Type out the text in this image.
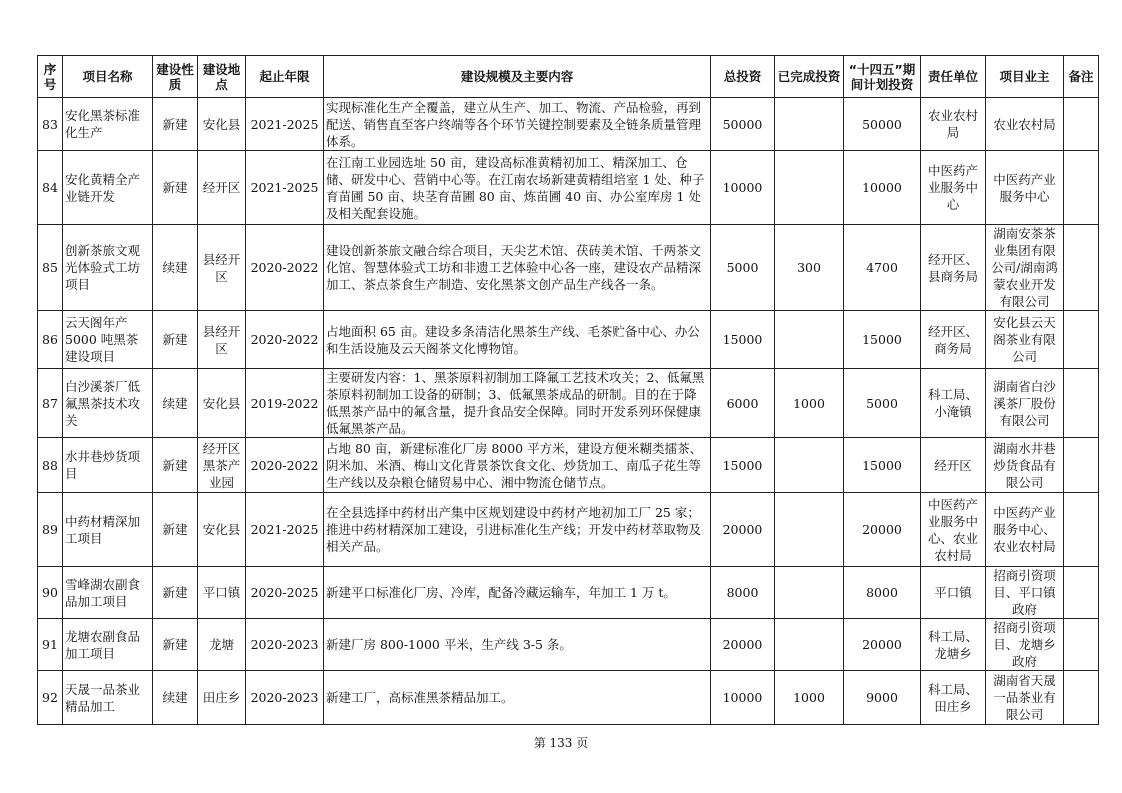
序号	项目名称	建设性质	建设地点	起止年限	建设规模及主要内容	总投资	已完成投资	“十四五”期间计划投资	责任单位	项目业主	备注
83	安化黑茶标准化生产	新建	安化县	2021-2025	实现标准化生产全覆盖，建立从生产、加工、物流、产品检验，再到配送、销售直至客户终端等各个环节关键控制要素及全链条质量管理体系。	50000		50000	农业农村局	农业农村局	
84	安化黄精全产业链开发	新建	经开区	2021-2025	在江南工业园选址 50 亩，建设高标准黄精初加工、精深加工、仓储、研发中心、营销中心等。在江南农场新建黄精组培室 1 处、种子育苗圃 50 亩、块茎育苗圃 80 亩、炼苗圃 40 亩、办公室库房 1 处及相关配套设施。	10000		10000	中医药产业服务中心	中医药产业服务中心	
85	创新茶旅文观光体验式工坊项目	续建	县经开区	2020-2022	建设创新茶旅文融合综合项目，天尖艺术馆、茯砖美术馆、千两茶文化馆、智慧体验式工坊和非遗工艺体验中心各一座，建设农产品精深加工、茶点茶食生产制造、安化黑茶文创产品生产线各一条。	5000	300	4700	经开区、县商务局	湖南安茶茶业集团有限公司/湖南鸿蒙农业开发有限公司	
86	云天阁年产5000 吨黑茶建设项目	新建	县经开区	2020-2022	占地面积 65 亩。建设多条清洁化黑茶生产线、毛茶贮备中心、办公和生活设施及云天阁茶文化博物馆。	15000		15000	经开区、商务局	安化县云天阁茶业有限公司	
87	白沙溪茶厂低氟黑茶技术攻关	续建	安化县	2019-2022	主要研发内容：1、黑茶原料初制加工降氟工艺技术攻关；2、低氟黑茶原料初制加工设备的研制；3、低氟黑茶成品的研制。目的在于降低黑茶产品中的氟含量，提升食品安全保障。同时开发系列环保健康低氟黑茶产品。	6000	1000	5000	科工局、小淹镇	湖南省白沙溪茶厂股份有限公司	
88	水井巷炒货项目	新建	经开区黑茶产业园	2020-2022	占地 80 亩，新建标准化厂房 8000 平方米，建设方便米糊类擂茶、阴米加、米酒、梅山文化背景茶饮食文化、炒货加工、南瓜子花生等生产线以及杂粮仓储贸易中心、湘中物流仓储节点。	15000		15000	经开区	湖南水井巷炒货食品有限公司	
89	中药材精深加工项目	新建	安化县	2021-2025	在全县选择中药材出产集中区规划建设中药材产地初加工厂 25 家；推进中药材精深加工建设，引进标准化生产线；开发中药材萃取物及相关产品。	20000		20000	中医药产业服务中心、农业农村局	中医药产业服务中心、农业农村局	
90	雪峰湖农副食品加工项目	新建	平口镇	2020-2025	新建平口标准化厂房、冷库，配备冷藏运输车，年加工 1 万 t。	8000		8000	平口镇	招商引资项目、平口镇政府	
91	龙塘农副食品加工项目	新建	龙塘	2020-2023	新建厂房 800-1000 平米，生产线 3-5 条。	20000		20000	科工局、龙塘乡	招商引资项目、龙塘乡政府	
92	天晟一品茶业精品加工	续建	田庄乡	2020-2023	新建工厂，高标准黑茶精品加工。	10000	1000	9000	科工局、田庄乡	湖南省天晟一品茶业有限公司	
第 133 页
